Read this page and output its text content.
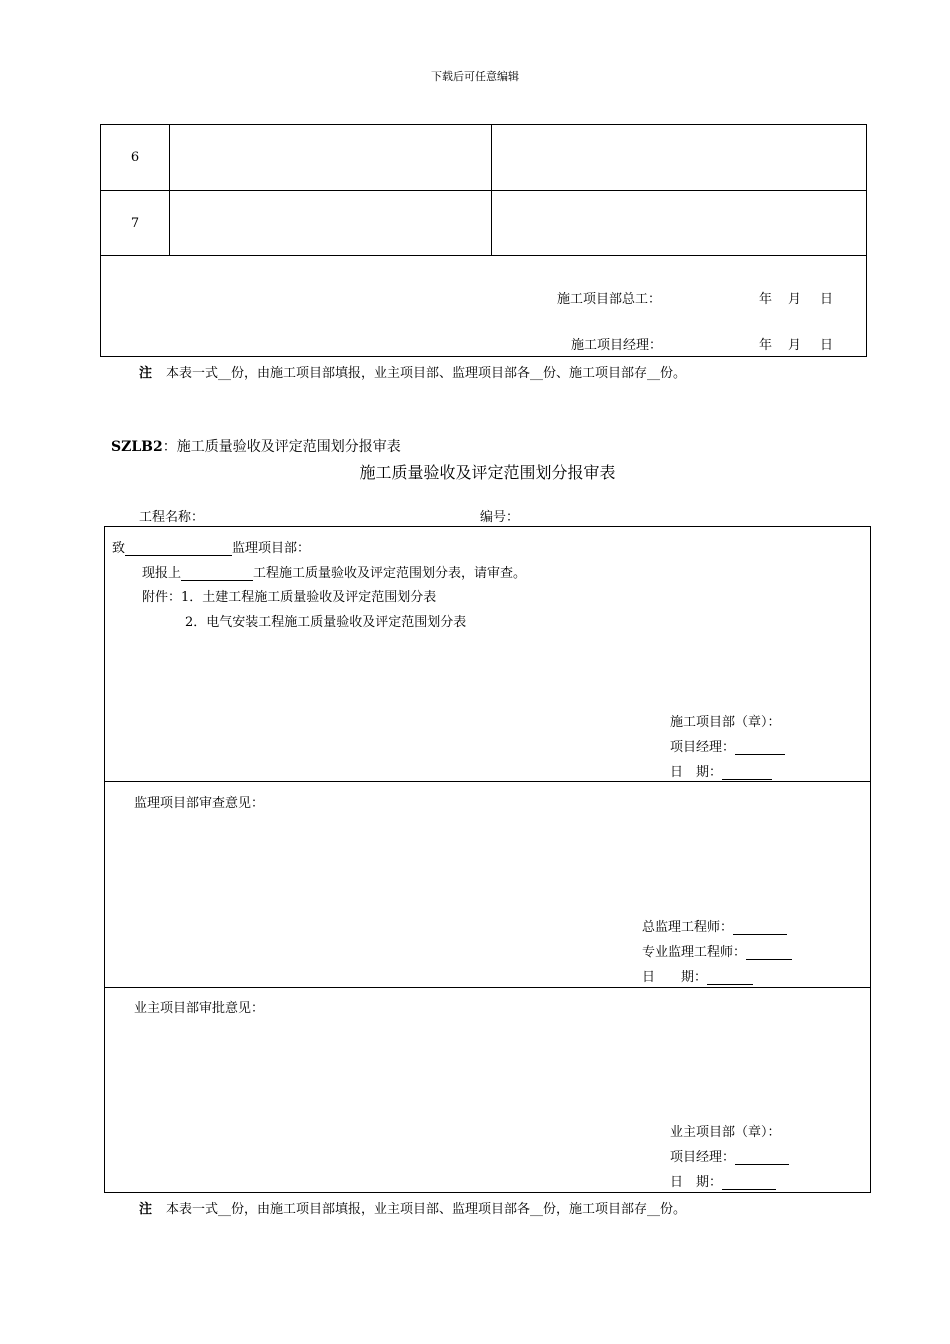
下载后可任意编辑
6
7
施工项目部总工：	年 月 日
施工项目经理：	年 月 日
注 本表一式__份，由施工项目部填报，业主项目部、监理项目部各__份、施工项目部存__份。
SZLB2：施工质量验收及评定范围划分报审表
施工质量验收及评定范围划分报审表
工程名称：	编号：
致	监理项目部：
现报上	工程施工质量验收及评定范围划分表，请审查。
附件：1．土建工程施工质量验收及评定范围划分表
2．电气安装工程施工质量验收及评定范围划分表
施工项目部（章）：
项目经理：
日　期：
监理项目部审查意见：
总监理工程师：
专业监理工程师：
日　　期：
业主项目部审批意见：
业主项目部（章）：
项目经理：
日　期：
注 本表一式__份，由施工项目部填报，业主项目部、监理项目部各__份，施工项目部存__份。
